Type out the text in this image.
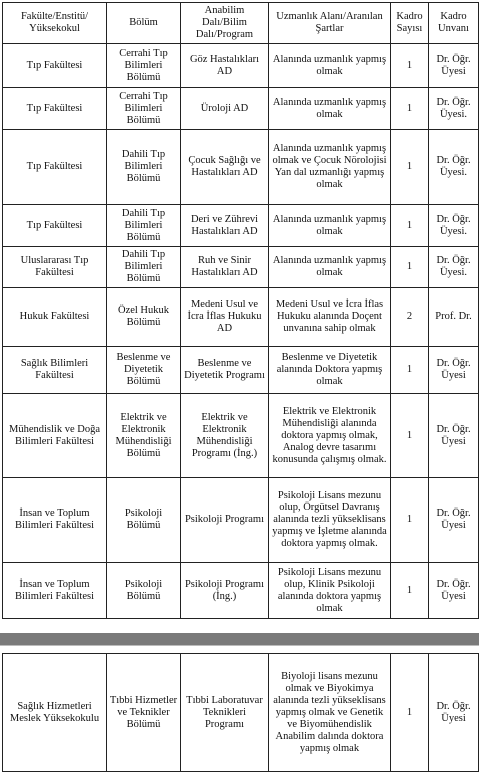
Fakülte/Enstitü/ Yüksekokul	Bölüm	Anabilim Dalı/Bilim Dalı/Program	Uzmanlık Alanı/Aranılan Şartlar	Kadro Sayısı	Kadro Unvanı
Tıp Fakültesi	Cerrahi Tıp Bilimleri Bölümü	Göz Hastalıkları AD	Alanında uzmanlık yapmış olmak	1	Dr. Öğr. Üyesi
Tıp Fakültesi	Cerrahi Tıp Bilimleri Bölümü	Üroloji AD	Alanında uzmanlık yapmış olmak	1	Dr. Öğr. Üyesi.
Tıp Fakültesi	Dahili Tıp Bilimleri Bölümü	Çocuk Sağlığı ve Hastalıkları AD	Alanında uzmanlık yapmış olmak ve Çocuk Nörolojisi Yan dal uzmanlığı yapmış olmak	1	Dr. Öğr. Üyesi.
Tıp Fakültesi	Dahili Tıp Bilimleri Bölümü	Deri ve Zührevi Hastalıkları AD	Alanında uzmanlık yapmış olmak	1	Dr. Öğr. Üyesi.
Uluslararası Tıp Fakültesi	Dahili Tıp Bilimleri Bölümü	Ruh ve Sinir Hastalıkları AD	Alanında uzmanlık yapmış olmak	1	Dr. Öğr. Üyesi.
Hukuk Fakültesi	Özel Hukuk Bölümü	Medeni Usul ve İcra İflas Hukuku AD	Medeni Usul ve İcra İflas Hukuku alanında Doçent unvanına sahip olmak	2	Prof. Dr.
Sağlık Bilimleri Fakültesi	Beslenme ve Diyetetik Bölümü	Beslenme ve Diyetetik Programı	Beslenme ve Diyetetik alanında Doktora yapmış olmak	1	Dr. Öğr. Üyesi
Mühendislik ve Doğa Bilimleri Fakültesi	Elektrik ve Elektronik Mühendisliği Bölümü	Elektrik ve Elektronik Mühendisliği Programı (İng.)	Elektrik ve Elektronik Mühendisliği alanında doktora yapmış olmak, Analog devre tasarımı konusunda çalışmış olmak.	1	Dr. Öğr. Üyesi
İnsan ve Toplum Bilimleri Fakültesi	Psikoloji Bölümü	Psikoloji Programı	Psikoloji Lisans mezunu olup, Örgütsel Davranış alanında tezli yükseklisans yapmış ve İşletme alanında doktora yapmış olmak.	1	Dr. Öğr. Üyesi
İnsan ve Toplum Bilimleri Fakültesi	Psikoloji Bölümü	Psikoloji Programı (İng.)	Psikoloji Lisans mezunu olup, Klinik Psikoloji alanında doktora yapmış olmak	1	Dr. Öğr. Üyesi
Sağlık Hizmetleri Meslek Yüksekokulu	Tıbbi Hizmetler ve Teknikler Bölümü	Tıbbi Laboratuvar Teknikleri Programı	Biyoloji lisans mezunu olmak ve Biyokimya alanında tezli yükseklisans yapmış olmak ve Genetik ve Biyomühendislik Anabilim dalında doktora yapmış olmak	1	Dr. Öğr. Üyesi
